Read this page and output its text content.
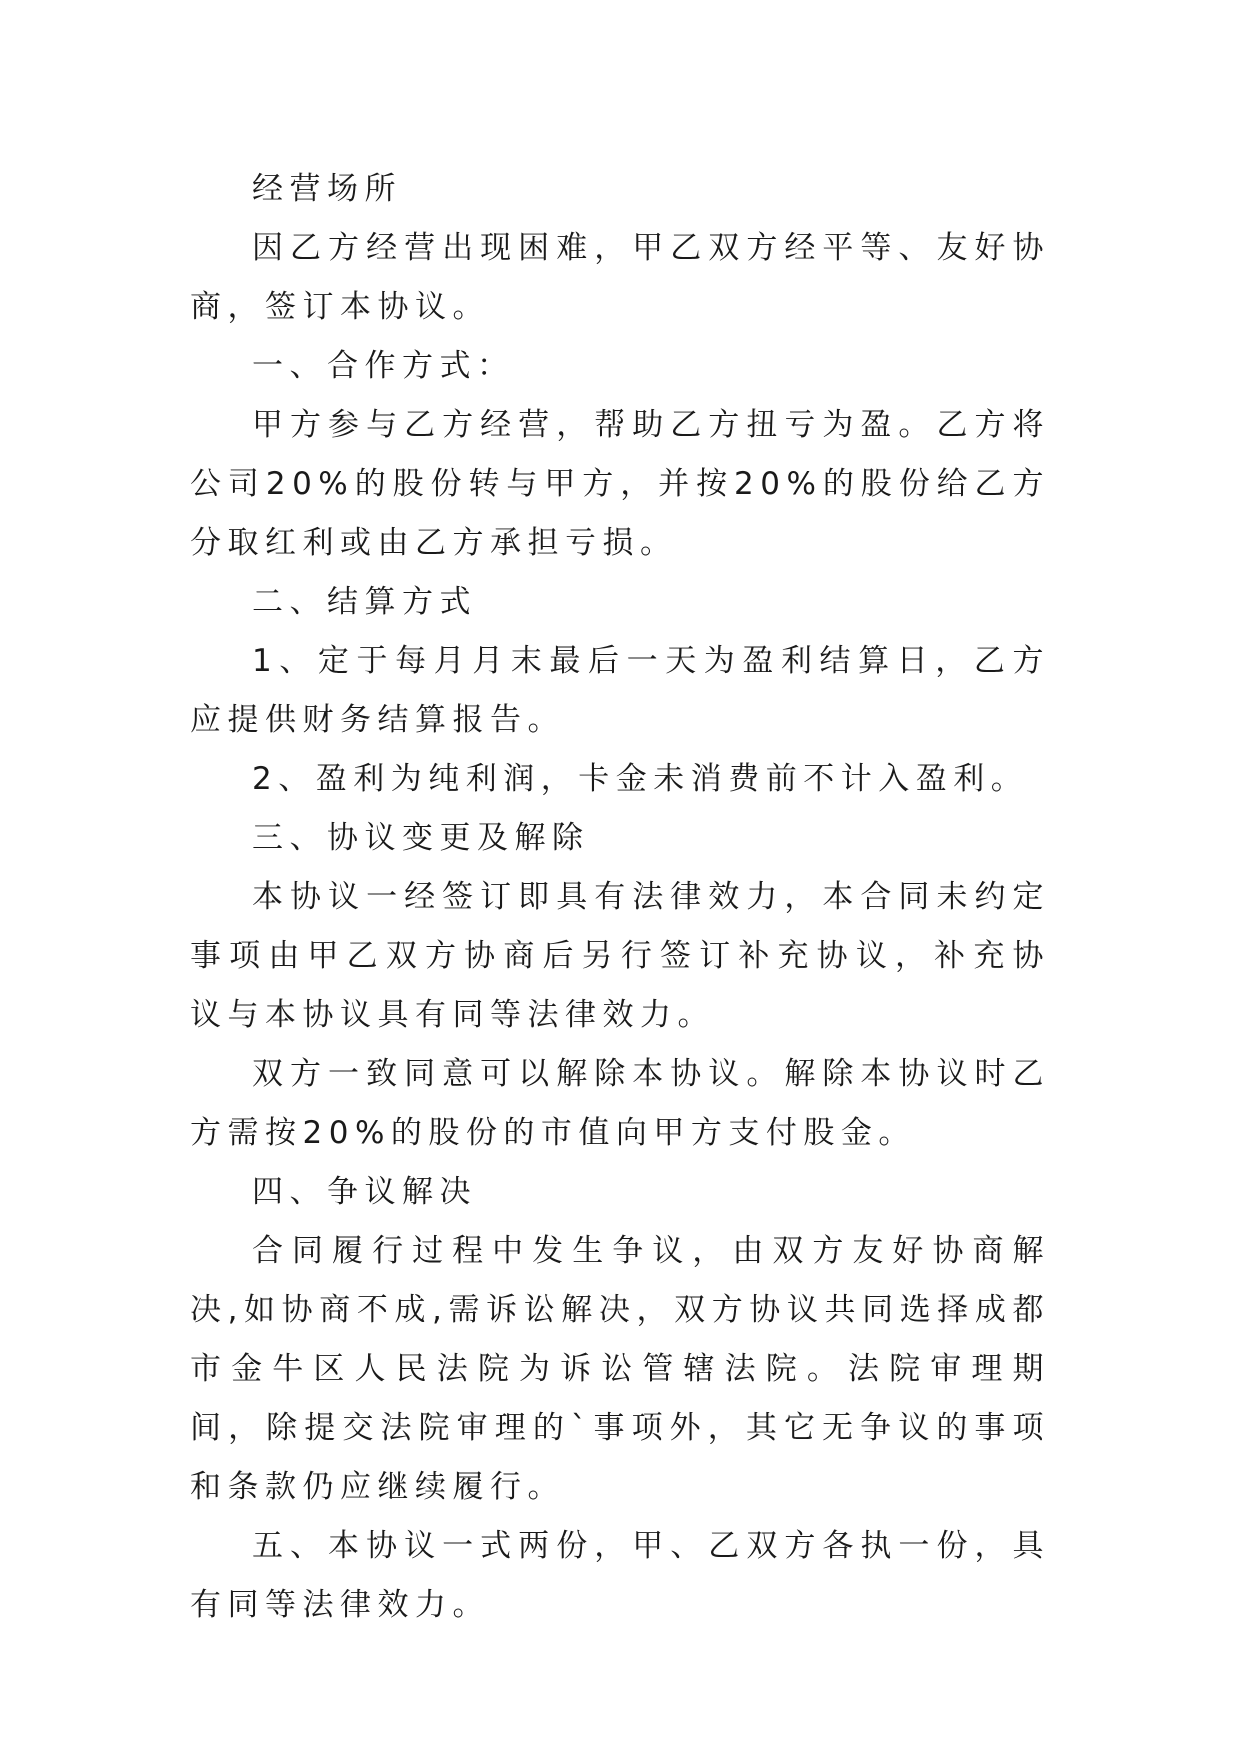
经营场所

因乙方经营出现困难，甲乙双方经平等、友好协商，签订本协议。

一、合作方式：

甲方参与乙方经营，帮助乙方扭亏为盈。乙方将公司20%的股份转与甲方，并按20%的股份给乙方分取红利或由乙方承担亏损。

二、结算方式

1、定于每月月末最后一天为盈利结算日，乙方应提供财务结算报告。

2、盈利为纯利润，卡金未消费前不计入盈利。

三、协议变更及解除

本协议一经签订即具有法律效力，本合同未约定事项由甲乙双方协商后另行签订补充协议，补充协议与本协议具有同等法律效力。

双方一致同意可以解除本协议。解除本协议时乙方需按20%的股份的市值向甲方支付股金。

四、争议解决

合同履行过程中发生争议，由双方友好协商解决,如协商不成,需诉讼解决，双方协议共同选择成都市金牛区人民法院为诉讼管辖法院。法院审理期间，除提交法院审理的`事项外，其它无争议的事项和条款仍应继续履行。

五、本协议一式两份，甲、乙双方各执一份，具有同等法律效力。
